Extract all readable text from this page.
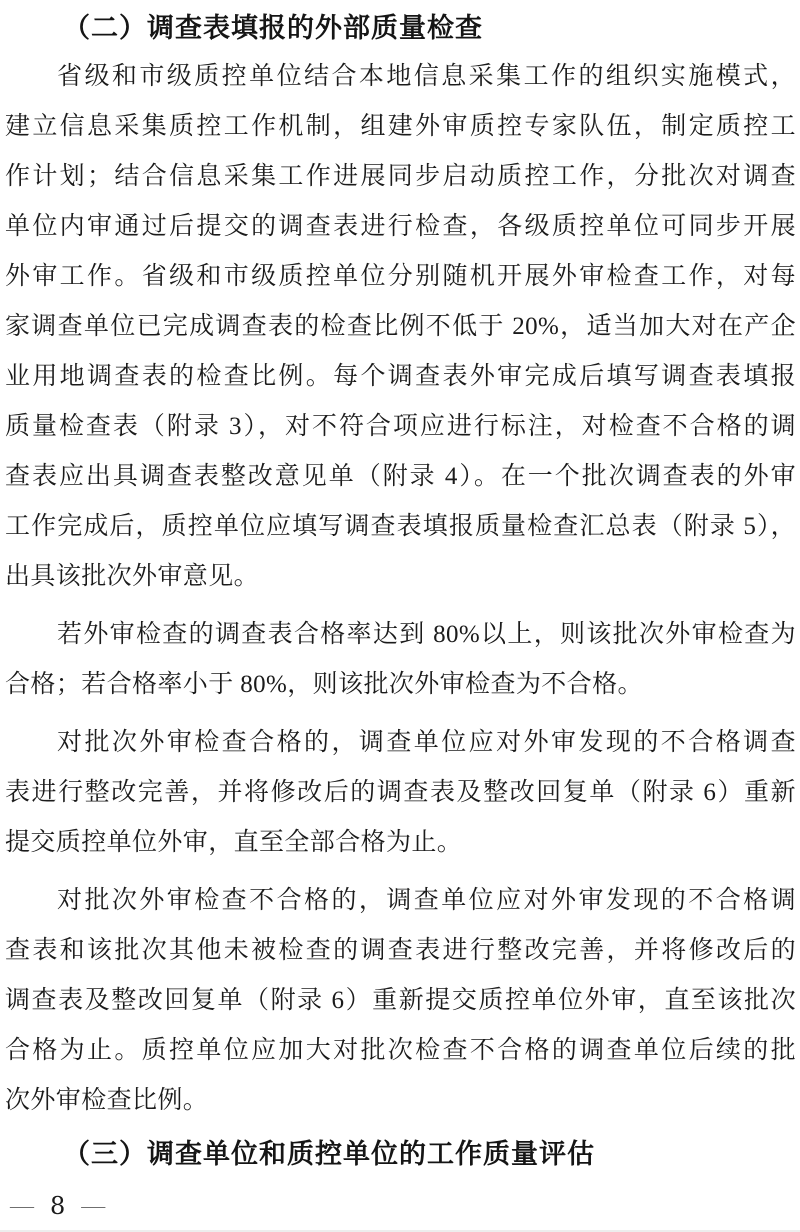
（二）调查表填报的外部质量检查
省级和市级质控单位结合本地信息采集工作的组织实施模式，
建立信息采集质控工作机制，组建外审质控专家队伍，制定质控工
作计划；结合信息采集工作进展同步启动质控工作，分批次对调查
单位内审通过后提交的调查表进行检查，各级质控单位可同步开展
外审工作。省级和市级质控单位分别随机开展外审检查工作，对每
家调查单位已完成调查表的检查比例不低于 20%，适当加大对在产企
业用地调查表的检查比例。每个调查表外审完成后填写调查表填报
质量检查表（附录 3），对不符合项应进行标注，对检查不合格的调
查表应出具调查表整改意见单（附录 4）。在一个批次调查表的外审
工作完成后，质控单位应填写调查表填报质量检查汇总表（附录 5），
出具该批次外审意见。
若外审检查的调查表合格率达到 80%以上，则该批次外审检查为
合格；若合格率小于 80%，则该批次外审检查为不合格。
对批次外审检查合格的，调查单位应对外审发现的不合格调查
表进行整改完善，并将修改后的调查表及整改回复单（附录 6）重新
提交质控单位外审，直至全部合格为止。
对批次外审检查不合格的，调查单位应对外审发现的不合格调
查表和该批次其他未被检查的调查表进行整改完善，并将修改后的
调查表及整改回复单（附录 6）重新提交质控单位外审，直至该批次
合格为止。质控单位应加大对批次检查不合格的调查单位后续的批
次外审检查比例。
（三）调查单位和质控单位的工作质量评估
— 8 —
